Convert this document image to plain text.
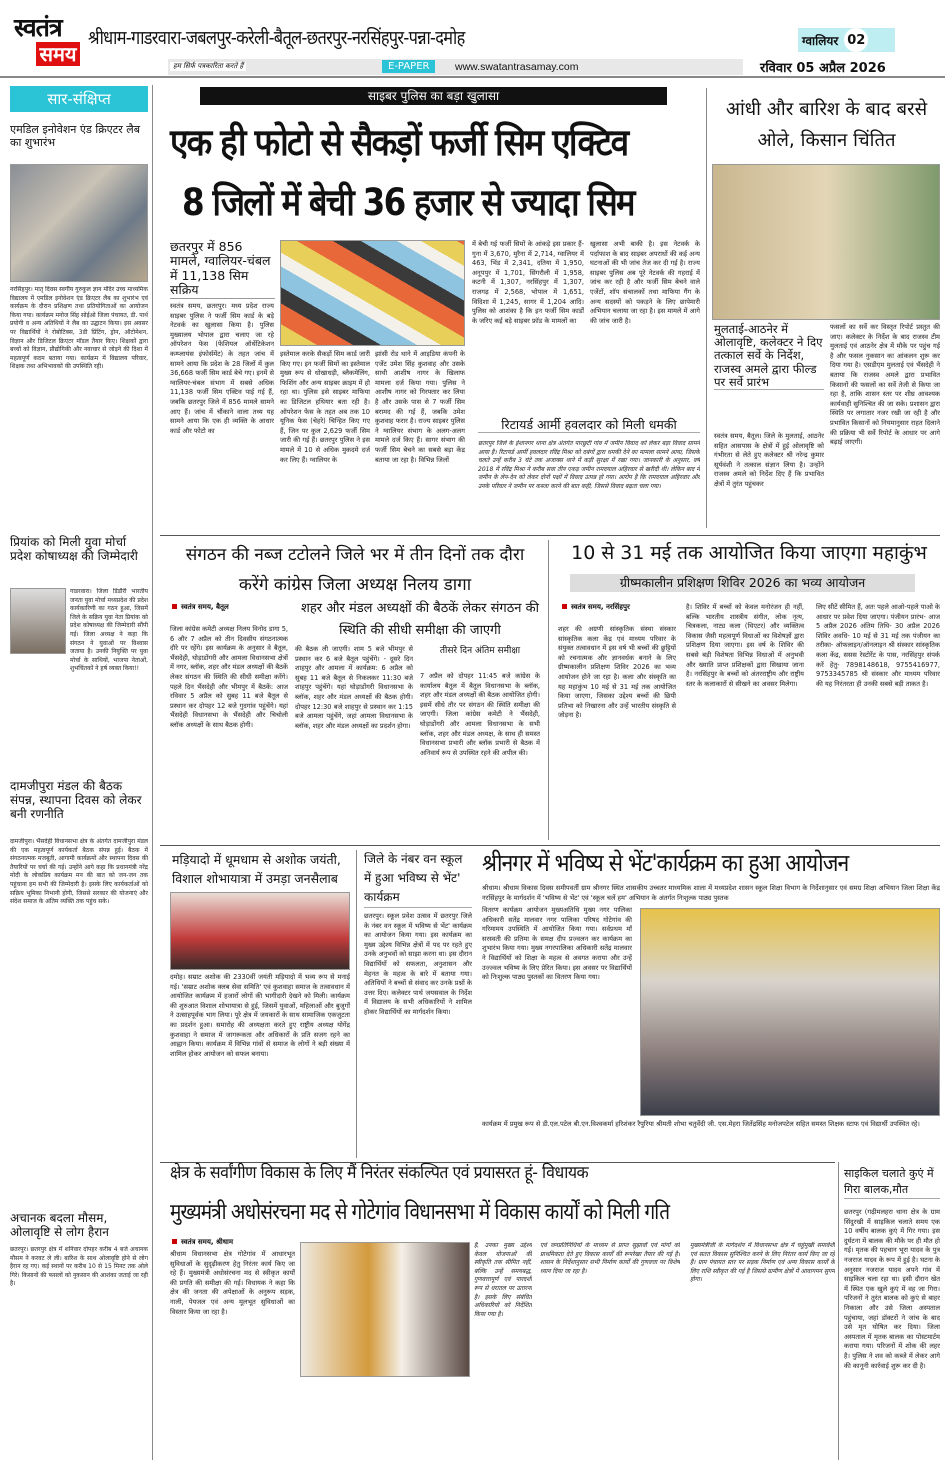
स्वतंत्र
समय
श्रीधाम-गाडरवारा-जबलपुर-करेली-बैतूल-छतरपुर-नरसिंहपुर-पन्ना-दमोह	ग्वालियर 02
हम सिर्फ पत्रकारिता करते हैं	E-PAPER	www.swatantrasamay.com	रविवार 05 अप्रैल 2026
सार-संक्षिप्त
एमडिल इनोवेशन एंड क्रिएटर लैब का शुभारंभ
नरसिंहपुर। मातृ दिवस स्वर्गीय गुरुकुल ज्ञान मंदिर उच्च माध्यमिक विद्यालय में एमडिल इनोवेशन एंड क्रिएटर लैब का शुभारंभ एवं कार्यक्रम के दौरान प्रशिक्षण तथा प्रतियोगिताओं का आयोजन किया गया। कार्यक्रम मनोज सिंह सोईओ जिला पंचायत, डी. पार्थ प्रयोगी व अन्य अतिथियों ने लैब का उद्घाटन किया। इस अवसर पर विद्यार्थियों ने रोबोटिक्स, 3डी प्रिंटिंग, ड्रोन, ऑटोमेशन, विज्ञान और डिजिटल क्रिएटर मॉडल तैयार किए। शिक्षकों द्वारा बच्चों को विज्ञान, प्रौद्योगिकी और नवाचार से जोड़ने की दिशा में महत्वपूर्ण कदम बताया गया। कार्यक्रम में विद्यालय परिवार, शिक्षक तथा अभिभावकों की उपस्थिति रही।
प्रियांक को मिली युवा मोर्चा प्रदेश कोषाध्यक्ष की जिम्मेदारी
गाडरवारा। जिला डिंडौरी भारतीय जनता युवा मोर्चा मध्यप्रदेश की प्रदेश कार्यकारिणी का गठन हुआ, जिसमें जिले के सक्रिय युवा नेता प्रियांक को प्रदेश कोषाध्यक्ष की जिम्मेदारी सौंपी गई। जिला अध्यक्ष ने कहा कि संगठन ने युवाओं पर विश्वास जताया है। उनकी नियुक्ति पर युवा मोर्चा के साथियों, भाजपा नेताओं, शुभचिंतकों ने हर्ष व्यक्त किया!!
दामजीपुरा मंडल की बैठक संपन्न, स्थापना दिवस को लेकर बनी रणनीति
दामजीपुरा। भैंसदेही विधानसभा क्षेत्र के अंतर्गत दामजीपुरा मंडल की एक महत्वपूर्ण कार्यकर्ता बैठक संपन्न हुई। बैठक में संगठनात्मक मजबूती, आगामी कार्यक्रमों और स्थापना दिवस की तैयारियों पर चर्चा की गई। उन्होंने आगे कहा कि प्रधानमंत्री नरेंद्र मोदी के लोकप्रिय कार्यक्रम मन की बात को जन-जन तक पहुंचाना हम सभी की जिम्मेदारी है। इसके लिए कार्यकर्ताओं को सक्रिय भूमिका निभानी होगी, जिससे सरकार की योजनाएं और संदेश समाज के अंतिम व्यक्ति तक पहुंच सके।
अचानक बदला मौसम, ओलावृष्टि से लोग हैरान
छतरपुर। छतरपुर क्षेत्र में शनिवार दोपहर करीब 4 बजे अचानक मौसम ने करवट ले ली। बारिश के साथ ओलावृष्टि होने से लोग हैरान रह गए। कई स्थानों पर करीब 10 से 15 मिनट तक ओले गिरे। किसानों की फसलों को नुकसान की आशंका जताई जा रही है।
साइबर पुलिस का बड़ा खुलासा
एक ही फोटो से सैकड़ों फर्जी सिम एक्टिव
8 जिलों में बेची 36 हजार से ज्यादा सिम
छतरपुर में 856 मामले, ग्वालियर-चंबल में 11,138 सिम सक्रिय
स्वतंत्र समय, छतरपुर। मध्य प्रदेश राज्य साइबर पुलिस ने फर्जी सिम कार्ड के बड़े नेटवर्क का खुलासा किया है। पुलिस मुख्यालय भोपाल द्वारा चलाए जा रहे ऑपरेशन फेस (फेशियल ऑथेंटिकेशन कम्प्लायंस इंफोर्समेंट) के तहत जांच में सामने आया कि प्रदेश के 28 जिलों में कुल 36,668 फर्जी सिम कार्ड बेचे गए। इनमें से ग्वालियर-चंबल संभाग में सबसे अधिक 11,138 फर्जी सिम एक्टिव पाई गई हैं, जबकि छतरपुर जिले में 856 मामले सामने आए हैं। जांच में चौंकाने वाला तथ्य यह सामने आया कि एक ही व्यक्ति के आधार कार्ड और फोटो का
इस्तेमाल करके सैकड़ों सिम कार्ड जारी किए गए। इन फर्जी सिमों का इस्तेमाल मुख्य रूप से धोखाधड़ी, ब्लैकमेलिंग, फिशिंग और अन्य साइबर क्राइम में हो रहा था। पुलिस इसे साइबर माफिया का डिजिटल हथियार बता रही है। ऑपरेशन फेस के तहत अब तक 10 यूनिक फेस (चेहरे) चिन्हित किए गए हैं, जिन पर कुल 2,629 फर्जी सिम जारी की गई हैं। छतरपुर पुलिस ने इस मामले में 10 से अधिक मुकदमे दर्ज कर लिए हैं। ग्वालियर के
झांसी रोड थाने में आइडिया कंपनी के एजेंट उमेश सिंह कुशवाह और उसके साथी आशीष नागर के खिलाफ मामला दर्ज किया गया। पुलिस ने आशीष नागर को गिरफ्तार कर लिया है और उसके पास से 7 फर्जी सिम बरामद की गई हैं, जबकि उमेश कुशवाह फरार है। राज्य साइबर पुलिस ने ग्वालियर संभाग के अलग-अलग मामले दर्ज किए हैं। सागर संभाग की फर्जी सिम बेचने का सबसे बड़ा केंद्र बताया जा रहा है। विभिन्न जिलों
में बेची गई फर्जी सिमों के आंकड़े इस प्रकार हैं- गुना में 3,670, मुरैना में 2,714, ग्वालियर में 463, भिंड में 2,341, दतिया में 1,950, अनूपपुर में 1,701, सिंगरौली में 1,958, कटनी में 1,307, नरसिंहपुर में 1,307, राजगढ़ में 2,568, भोपाल में 1,651, विदिशा में 1,245, सागर में 1,204 आदि। पुलिस को आशंका है कि इन फर्जी सिम कार्डों के जरिए कई बड़े साइबर फ्रॉड के मामलों का
खुलासा अभी बाकी है। इस नेटवर्क के पर्दाफाश के बाद साइबर अपराधों की कई अन्य घटनाओं की भी जांच तेज कर दी गई है। राज्य साइबर पुलिस अब पूरे नेटवर्क की गहराई में जांच कर रही है और फर्जी सिम बेचने वाले एजेंटों, शॉप संचालकों तथा माफिया गैंग के अन्य सदस्यों को पकड़ने के लिए छापेमारी अभियान चलाया जा रहा है। इस मामले में आगे की जांच जारी है।
रिटायर्ड आर्मी हवलदार को मिली धमकी
छतरपुर जिले के ईशानगर थाना क्षेत्र अंतर्गत पारछुटी गांव में जमीन विवाद को लेकर बड़ा विवाद सामने आया है। रिटायर्ड आर्मी हवलदार रविंद्र मिश्रा को दबंगों द्वारा धमकी देने का मामला सामने आया, जिसके चलते उन्हें करीब 3 घंटे तक अजाक्स थाने में कड़ी सुरक्षा में रखा गया। जानकारी के अनुसार, वर्ष 2018 में रविंद्र मिश्रा ने करीब सवा तीन एकड़ जमीन रामदयाल अहिरवार से खरीदी थी। लेकिन बाद में जमीन के लेन-देन को लेकर दोनों पक्षों में विवाद उत्पन्न हो गया। आरोप है कि रामदयाल अहिरवार और उनके परिवार ने जमीन पर कब्जा करने की बात कही, जिससे विवाद बढ़ता चला गया।
आंधी और बारिश के बाद बरसे ओले, किसान चिंतित
मुलताई-आठनेर में ओलावृष्टि, कलेक्टर ने दिए तत्काल सर्वे के निर्देश, राजस्व अमले द्वारा फील्ड पर सर्वे प्रारंभ
स्वतंत्र समय, बैतूल। जिले के मुलताई, आठनेर सहित आसपास के क्षेत्रों में हुई ओलावृष्टि को गंभीरता से लेते हुए कलेक्टर श्री नरेन्द्र कुमार सूर्यवंशी ने तत्काल संज्ञान लिया है। उन्होंने राजस्व अमले को निर्देश दिए हैं कि प्रभावित क्षेत्रों में तुरंत पहुंचकर
फसलों का सर्वे कर विस्तृत रिपोर्ट प्रस्तुत की जाए। कलेक्टर के निर्देश के बाद राजस्व टीम मुलताई एवं आठनेर क्षेत्र में मौके पर पहुंच गई है और फसल नुकसान का आंकलन शुरू कर दिया गया है। एसडीएम मुलताई एवं भैंसदेही ने बताया कि राजस्व अमले द्वारा प्रभावित किसानों की फसलों का सर्वे तेजी से किया जा रहा है, ताकि शासन स्तर पर शीघ्र आवश्यक कार्यवाही सुनिश्चित की जा सके। प्रशासन द्वारा स्थिति पर लगातार नजर रखी जा रही है और प्रभावित किसानों को नियमानुसार राहत दिलाने की प्रक्रिया भी सर्वे रिपोर्ट के आधार पर आगे बढ़ाई जाएगी।
संगठन की नब्ज टटोलने जिले भर में तीन दिनों तक दौरा करेंगे कांग्रेस जिला अध्यक्ष निलय डागा
स्वतंत्र समय, बैतूल	शहर और मंडल अध्यक्षों की बैठकें लेकर संगठन की स्थिति की सीधी समीक्षा की जाएगी
जिला कांग्रेस कमेटी अध्यक्ष निलय विनोद डागा 5, 6 और 7 अप्रैल को तीन दिवसीय संगठनात्मक दौरे पर रहेंगे। इस कार्यक्रम के अनुसार वे बैतूल, भैंसदेही, घोड़ाडोंगरी और आमला विधानसभा क्षेत्रों में नगर, ब्लॉक, शहर और मंडल अध्यक्षों की बैठकें लेकर संगठन की स्थिति की सीधी समीक्षा करेंगे। पहले दिन भैंसदेही और भीमपुर में बैठकें: आज रविवार 5 अप्रैल को सुबह 11 बजे बैतूल से प्रस्थान कर दोपहर 12 बजे गुदगांव पहुंचेंगे। यहां भैंसदेही विधानसभा के भैंसदेही और चिचोली ब्लॉक अध्यक्षों के साथ बैठक होगी।
की बैठक ली जाएगी। शाम 5 बजे भीमपुर से प्रस्थान कर 6 बजे बैतूल पहुंचेंगे। - दूसरे दिन शाहपुर और आमला में कार्यक्रम: 6 अप्रैल को सुबह 11 बजे बैतूल से निकलकर 11:30 बजे शाहपुर पहुंचेंगे। यहां घोड़ाडोंगरी विधानसभा के ब्लॉक, शहर और मंडल अध्यक्षों की बैठक होगी। दोपहर 12:30 बजे शाहपुर से प्रस्थान कर 1:15 बजे आमला पहुंचेंगे, जहां आमला विधानसभा के ब्लॉक, शहर और मंडल अध्यक्षों का प्रदर्शन होगा।
तीसरे दिन अंतिम समीक्षा
7 अप्रैल को दोपहर 11:45 बजे कांग्रेस के कार्यालय बैतूल में बैतूल विधानसभा के ब्लॉक, शहर और मंडल अध्यक्षों की बैठक आयोजित होगी। इसमें सीधे तौर पर संगठन की स्थिति समीक्षा की जाएगी। जिला कांग्रेस कमेटी ने भैंसदेही, घोड़ाडोंगरी और आमला विधानसभा के सभी ब्लॉक, शहर और मंडल अध्यक्ष, के साथ ही समस्त विधानसभा प्रभारी और ब्लॉक प्रभारी से बैठक में अनिवार्य रूप से उपस्थित रहने की अपील की।
10 से 31 मई तक आयोजित किया जाएगा महाकुंभ
ग्रीष्मकालीन प्रशिक्षण शिविर 2026 का भव्य आयोजन
स्वतंत्र समय, नरसिंहपुर
शहर की अग्रणी सांस्कृतिक संस्था संस्कार सांस्कृतिक कला केंद्र एवं माध्यम परिवार के संयुक्त तत्वावधान में इस वर्ष भी बच्चों की छुट्टियों को रचनात्मक और ज्ञानवर्धक बनाने के लिए ग्रीष्मकालीन प्रशिक्षण शिविर 2026 का भव्य आयोजन होने जा रहा है। कला और संस्कृति का यह महाकुंभ 10 मई से 31 मई तक आयोजित किया जाएगा, जिसका उद्देश्य बच्चों की छिपी प्रतिभा को निखारना और उन्हें भारतीय संस्कृति से जोड़ना है।
है। शिविर में बच्चों को केवल मनोरंजन ही नहीं, बल्कि भारतीय शास्त्रीय संगीत, लोक नृत्य, चित्रकला, नाट्य कला (थिएटर) और व्यक्तित्व विकास जैसी महत्वपूर्ण विधाओं का विशेषज्ञों द्वारा प्रशिक्षण दिया जाएगा। इस वर्ष के शिविर की सबसे बड़ी विशेषता विभिन्न विधाओं में अनुभवी और ख्याति प्राप्त प्रशिक्षकों द्वारा सिखाया जाना है। नरसिंहपुर के बच्चों को अंतरराष्ट्रीय और राष्ट्रीय स्तर के कलाकारों से सीखने का अवसर मिलेगा।
लिए सीटें सीमित हैं, अतः पहले आओ-पहले पाओ के आधार पर प्रवेश दिया जाएगा। पंजीयन प्रारंभ- आज 5 अप्रैल 2026 अंतिम तिथि- 30 अप्रैल 2026 शिविर अवधि- 10 मई से 31 मई तक पंजीयन का तरीका- ऑफलाइन/ऑनलाइन श्री संस्कार सांस्कृतिक कला केंद्र, ससस रेस्टोरेंट के पास, नरसिंहपुर संपर्क करें हेतु- 7898148618, 9755416977, 9753345785 श्री संस्कार और माध्यम परिवार की यह निरंतरता ही उनकी सबसे बड़ी ताकत है।
मड़ियादो में धूमधाम से अशोक जयंती, विशाल शोभायात्रा में उमड़ा जनसैलाब
दमोह। सम्राट अशोक की 2330वीं जयंती मड़ियादो में भव्य रूप से मनाई गई। 'सम्राट अशोक क्लब सेवा समिति' एवं कुशवाहा समाज के तत्वावधान में आयोजित कार्यक्रम में हजारों लोगों की भागीदारी देखने को मिली। कार्यक्रम की शुरुआत विशाल शोभायात्रा से हुई, जिसमें युवाओं, महिलाओं और बुजुर्गों ने उत्साहपूर्वक भाग लिया। पूरे क्षेत्र में जयकारों के साथ सामाजिक एकजुटता का प्रदर्शन हुआ। समारोह की अध्यक्षता करते हुए राष्ट्रीय अध्यक्ष योगेंद्र कुशवाहा ने समाज में जागरूकता और अधिकारों के प्रति सजग रहने का आह्वान किया। कार्यक्रम में विभिन्न गांवों से समाज के लोगों ने बड़ी संख्या में शामिल होकर आयोजन को सफल बनाया।
जिले के नंबर वन स्कूल में हुआ भविष्य से भेंट' कार्यक्रम
छतरपुर। स्कूल प्रवेश उत्सव में छतरपुर जिले के नंबर वन स्कूल में भविष्य से भेंट' कार्यक्रम का आयोजन किया गया। इस कार्यक्रम का मुख्य उद्देश्य विभिन्न क्षेत्रों में पद पर रहते हुए उनके अनुभवों को साझा करना था। इस दौरान विद्यार्थियों को सफलता, अनुशासन और मेहनत के महत्व के बारे में बताया गया। अतिथियों ने बच्चों से संवाद कर उनके प्रश्नों के उत्तर दिए। कलेक्टर पार्थ जयसवाल के निर्देश में विद्यालय के सभी अधिकारियों ने शामिल होकर विद्यार्थियों का मार्गदर्शन किया।
श्रीनगर में भविष्य से भेंट'कार्यक्रम का हुआ आयोजन
श्रीधाम। श्रीधाम विकास दिवस समीपवर्ती ग्राम श्रीनगर स्थित शासकीय उच्चतर माध्यमिक शाला में मध्यप्रदेश शासन स्कूल शिक्षा विभाग के निर्देशानुसार एवं समग्र शिक्षा अभियान जिला शिक्षा केंद्र नरसिंहपुर के मार्गदर्शन में 'भविष्य से भेंट' एवं 'स्कूल चलें हम' अभियान के अंतर्गत निःशुल्क पाठ्य पुस्तक
वितरण कार्यक्रम आयोजन मुख्यअतिथि मुख्य नगर पालिका अधिकारी सतेंद्र मालवार नगर पालिका परिषद गोटेगांव की गरिमामय उपस्थिति में आयोजित किया गया। सर्वप्रथम माँ सरस्वती की प्रतिमा के समक्ष दीप प्रज्वलन कर कार्यक्रम का शुभारंभ किया गया। मुख्य नगरपालिका अधिकारी सतेंद्र मालवार ने विद्यार्थियों को शिक्षा के महत्व से अवगत कराया और उन्हें उज्ज्वल भविष्य के लिए प्रेरित किया। इस अवसर पर विद्यार्थियों को निःशुल्क पाठ्य पुस्तकों का वितरण किया गया।
कार्यक्रम में प्रमुख रूप से डी.एल.पटेल बी.एन.विश्वकर्मा हरिशंकर रैपुरिया श्रीमती शोभा चतुर्वेदी जी. एस.मेहरा जितेंद्रसिंह मनोजपटेल सहित समस्त शिक्षक स्टाफ एवं विद्यार्थी उपस्थित रहे।
क्षेत्र के सर्वांगीण विकास के लिए मैं निरंतर संकल्पित एवं प्रयासरत हूं- विधायक
मुख्यमंत्री अधोसंरचना मद से गोटेगांव विधानसभा में विकास कार्यों को मिली गति
स्वतंत्र समय, श्रीधाम
श्रीधाम विधानसभा क्षेत्र गोटेगांव में आधारभूत सुविधाओं के सुदृढ़ीकरण हेतु निरंतर कार्य किए जा रहे हैं। मुख्यमंत्री अधोसंरचना मद से स्वीकृत कार्यों की प्रगति की समीक्षा की गई। विधायक ने कहा कि क्षेत्र की जनता की अपेक्षाओं के अनुरूप सड़क, नाली, पेयजल एवं अन्य मूलभूत सुविधाओं का विस्तार किया जा रहा है।
है, उनका मुख्य उद्देश्य केवल योजनाओं की स्वीकृति तक सीमित नहीं, बल्कि उन्हें समयबद्ध, गुणवत्तापूर्ण एवं पारदर्शी रूप से धरातल पर उतारना है। इसके लिए संबंधित अधिकारियों को निर्देशित किया गया है।
एवं जनप्रतिनिधियों के माध्यम से प्राप्त सुझावों एवं मांगों को प्राथमिकता देते हुए विकास कार्यों की रूपरेखा तैयार की गई है। शासन के निर्देशानुसार सभी निर्माण कार्यों की गुणवत्ता पर विशेष ध्यान दिया जा रहा है।
मुख्यमंत्रीजी के मार्गदर्शन में विधानसभा क्षेत्र में चहुंमुखी समावेशी एवं सतत विकास सुनिश्चित करने के लिए निरंतर कार्य किए जा रहे हैं। ग्राम पंचायत स्तर पर सड़क निर्माण एवं अन्य विकास कार्यों के लिए राशि स्वीकृत की गई है जिससे ग्रामीण क्षेत्रों में आवागमन सुगम होगा।
साइकिल चलाते कुएं में गिरा बालक,मौत
छतरपुर (गढ़ीमलहरा थाना क्षेत्र के ग्राम सिंदुरखी में साइकिल चलाते समय एक 10 वर्षीय बालक कुएं में गिर गया। इस दुर्घटना में बालक की मौके पर ही मौत हो गई। मृतक की पहचान भूरा यादव के पुत्र नजराज यादव के रूप में हुई है। घटना के अनुसार नजराज यादव अपने गांव में साइकिल चला रहा था। इसी दौरान खेत में स्थित एक खुले कुएं में वह जा गिरा। परिजनों ने तुरंत बालक को कुएं से बाहर निकाला और उसे जिला अस्पताल पहुंचाया, जहां डॉक्टरों ने जांच के बाद उसे मृत घोषित कर दिया। जिला अस्पताल में मृतक बालक का पोस्टमार्टम कराया गया। परिजनों में शोक की लहर है। पुलिस ने शव को कब्जे में लेकर आगे की कानूनी कार्रवाई शुरू कर दी है।
